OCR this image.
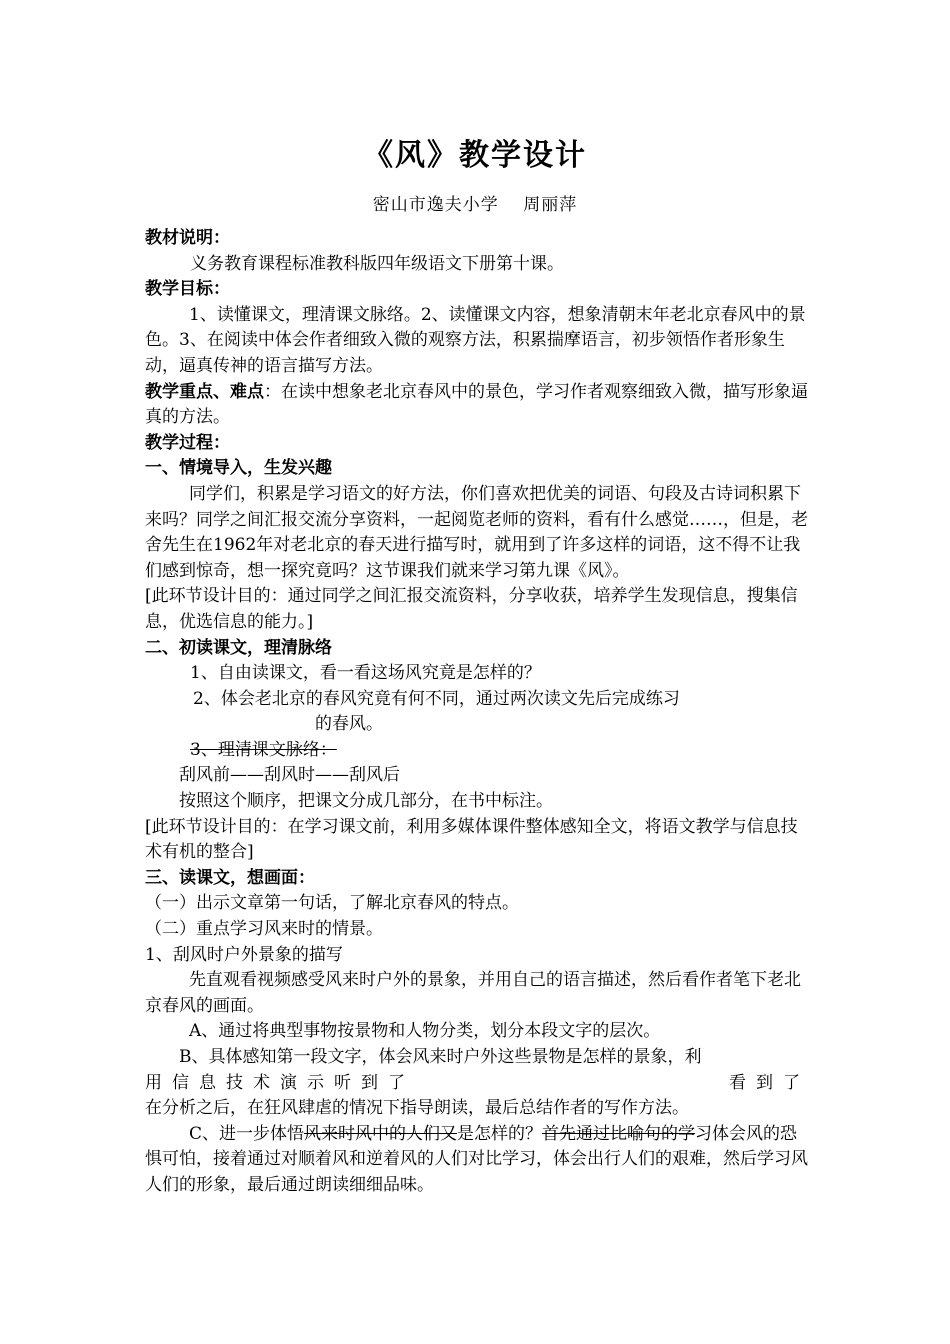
《风》教学设计
密山市逸夫小学　 周丽萍

教材说明：

义务教育课程标准教科版四年级语文下册第十课。

教学目标：

1、读懂课文，理清课文脉络。2、读懂课文内容，想象清朝末年老北京春风中的景色。3、在阅读中体会作者细致入微的观察方法，积累揣摩语言，初步领悟作者形象生动，逼真传神的语言描写方法。

教学重点、难点：在读中想象老北京春风中的景色，学习作者观察细致入微，描写形象逼真的方法。

教学过程：

一、情境导入，生发兴趣

同学们，积累是学习语文的好方法，你们喜欢把优美的词语、句段及古诗词积累下来吗？同学之间汇报交流分享资料，一起阅览老师的资料，看有什么感觉……，但是，老舍先生在1962年对老北京的春天进行描写时，就用到了许多这样的词语，这不得不让我们感到惊奇，想一探究竟吗？这节课我们就来学习第九课《风》。

[此环节设计目的：通过同学之间汇报交流资料，分享收获，培养学生发现信息，搜集信息，优选信息的能力。]

二、初读课文，理清脉络

1、自由读课文，看一看这场风究竟是怎样的？

2、体会老北京的春风究竟有何不同，通过两次读文先后完成练习

的春风。

3、理清课文脉络：

刮风前——刮风时——刮风后

按照这个顺序，把课文分成几部分，在书中标注。

[此环节设计目的：在学习课文前，利用多媒体课件整体感知全文，将语文教学与信息技术有机的整合]

三、读课文，想画面：

（一）出示文章第一句话，了解北京春风的特点。

（二）重点学习风来时的情景。

1、刮风时户外景象的描写

先直观看视频感受风来时户外的景象，并用自己的语言描述，然后看作者笔下老北京春风的画面。

A、通过将典型事物按景物和人物分类，划分本段文字的层次。

B、具体感知第一段文字，体会风来时户外这些景物是怎样的景象，利

用信息技术演示听到了	看到了

在分析之后，在狂风肆虐的情况下指导朗读，最后总结作者的写作方法。

C、进一步体悟风来时风中的人们又是怎样的？首先通过比喻句的学习体会风的恐惧可怕，接着通过对顺着风和逆着风的人们对比学习，体会出行人们的艰难，然后学习风人们的形象，最后通过朗读细细品味。
